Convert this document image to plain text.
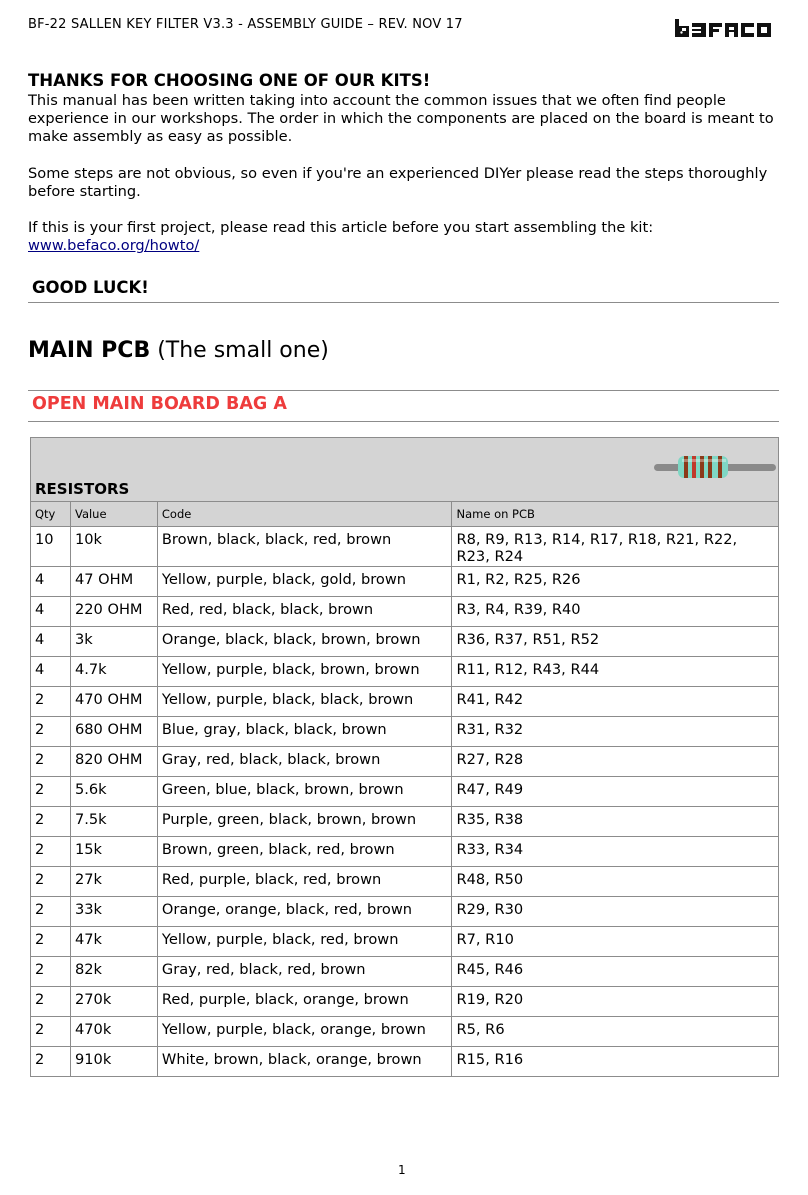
BF-22 SALLEN KEY FILTER V3.3 - ASSEMBLY GUIDE – REV. NOV 17
THANKS FOR CHOOSING ONE OF OUR KITS!

This manual has been written taking into account the common issues that we often find people experience in our workshops. The order in which the components are placed on the board is meant to make assembly as easy as possible.

Some steps are not obvious, so even if you're an experienced DIYer please read the steps thoroughly before starting.

If this is your first project, please read this article before you start assembling the kit:

www.befaco.org/howto/

GOOD LUCK!
MAIN PCB (The small one)
OPEN MAIN BOARD BAG A
RESISTORS			

Qty	Value	Code	Name on PCB
10	10k	Brown, black, black, red, brown	R8, R9, R13, R14, R17, R18, R21, R22, R23, R24
4	47 OHM	Yellow, purple, black, gold, brown	R1, R2, R25, R26
4	220 OHM	Red, red, black, black, brown	R3, R4, R39, R40
4	3k	Orange, black, black, brown, brown	R36, R37, R51, R52
4	4.7k	Yellow, purple, black, brown, brown	R11, R12, R43, R44
2	470 OHM	Yellow, purple, black, black, brown	R41, R42
2	680 OHM	Blue, gray, black, black, brown	R31, R32
2	820 OHM	Gray, red, black, black, brown	R27, R28
2	5.6k	Green, blue, black, brown, brown	R47, R49
2	7.5k	Purple, green, black, brown, brown	R35, R38
2	15k	Brown, green, black, red, brown	R33, R34
2	27k	Red, purple, black, red, brown	R48, R50
2	33k	Orange, orange, black, red, brown	R29, R30
2	47k	Yellow, purple, black, red, brown	R7, R10
2	82k	Gray, red, black, red, brown	R45, R46
2	270k	Red, purple, black, orange, brown	R19, R20
2	470k	Yellow, purple, black, orange, brown	R5, R6
2	910k	White, brown, black, orange, brown	R15, R16
1
